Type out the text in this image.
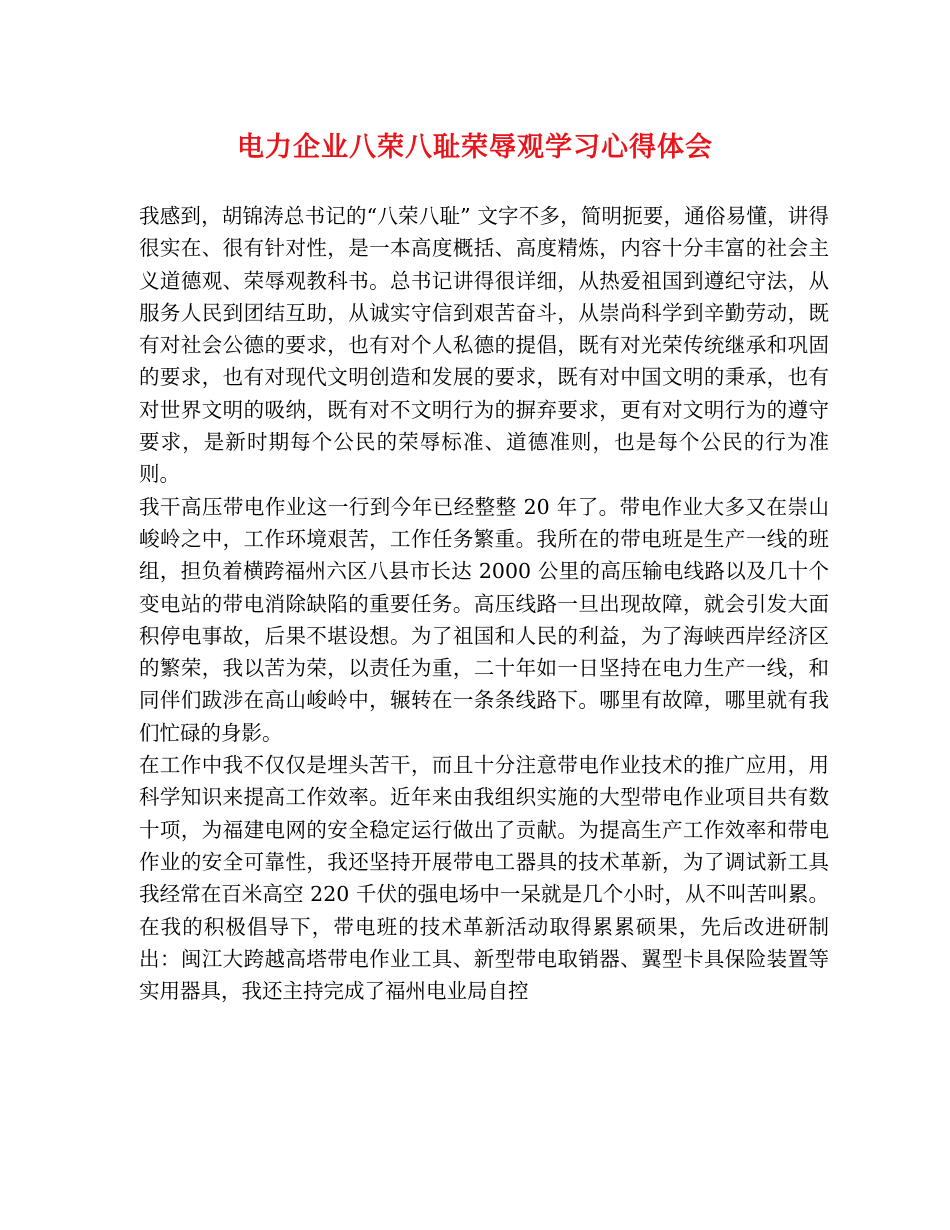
电力企业八荣八耻荣辱观学习心得体会

我感到，胡锦涛总书记的“八荣八耻” 文字不多，简明扼要，通俗易懂，讲得很实在、很有针对性，是一本高度概括、高度精炼，内容十分丰富的社会主义道德观、荣辱观教科书。总书记讲得很详细，从热爱祖国到遵纪守法，从服务人民到团结互助，从诚实守信到艰苦奋斗，从崇尚科学到辛勤劳动，既有对社会公德的要求，也有对个人私德的提倡，既有对光荣传统继承和巩固的要求，也有对现代文明创造和发展的要求，既有对中国文明的秉承，也有对世界文明的吸纳，既有对不文明行为的摒弃要求，更有对文明行为的遵守要求，是新时期每个公民的荣辱标准、道德准则，也是每个公民的行为准则。

我干高压带电作业这一行到今年已经整整 20 年了。带电作业大多又在崇山峻岭之中，工作环境艰苦，工作任务繁重。我所在的带电班是生产一线的班组，担负着横跨福州六区八县市长达 2000 公里的高压输电线路以及几十个变电站的带电消除缺陷的重要任务。高压线路一旦出现故障，就会引发大面积停电事故，后果不堪设想。为了祖国和人民的利益，为了海峡西岸经济区的繁荣，我以苦为荣，以责任为重，二十年如一日坚持在电力生产一线，和同伴们跋涉在高山峻岭中，辗转在一条条线路下。哪里有故障，哪里就有我们忙碌的身影。

在工作中我不仅仅是埋头苦干，而且十分注意带电作业技术的推广应用，用科学知识来提高工作效率。近年来由我组织实施的大型带电作业项目共有数十项，为福建电网的安全稳定运行做出了贡献。为提高生产工作效率和带电作业的安全可靠性，我还坚持开展带电工器具的技术革新，为了调试新工具我经常在百米高空 220 千伏的强电场中一呆就是几个小时，从不叫苦叫累。在我的积极倡导下，带电班的技术革新活动取得累累硕果，先后改进研制出：闽江大跨越高塔带电作业工具、新型带电取销器、翼型卡具保险装置等实用器具，我还主持完成了福州电业局自控
